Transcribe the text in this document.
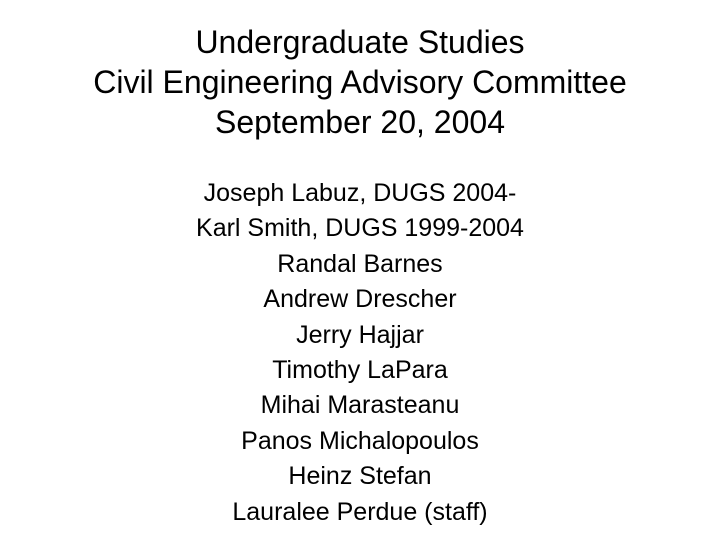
Undergraduate Studies
Civil Engineering Advisory Committee
September 20, 2004
Joseph Labuz, DUGS 2004-
Karl Smith, DUGS 1999-2004
Randal Barnes
Andrew Drescher
Jerry Hajjar
Timothy LaPara
Mihai Marasteanu
Panos Michalopoulos
Heinz Stefan
Lauralee Perdue (staff)
